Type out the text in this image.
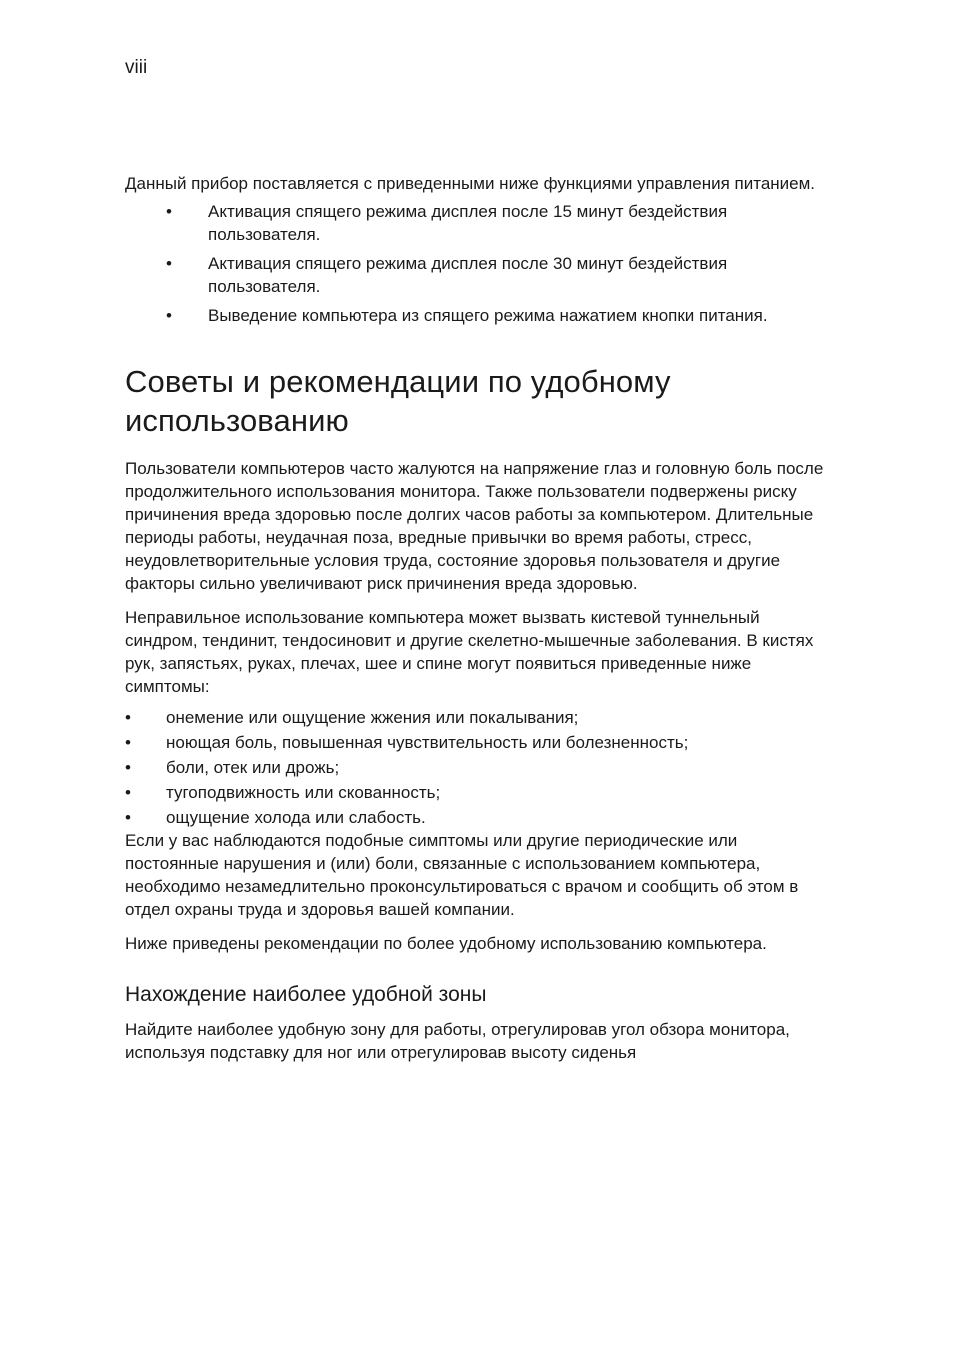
viii

Данный прибор поставляется с приведенными ниже функциями управления питанием.

• Активация спящего режима дисплея после 15 минут бездействия пользователя.
• Активация спящего режима дисплея после 30 минут бездействия пользователя.
• Выведение компьютера из спящего режима нажатием кнопки питания.
Советы и рекомендации по удобному использованию

Пользователи компьютеров часто жалуются на напряжение глаз и головную боль после продолжительного использования монитора. Также пользователи подвержены риску причинения вреда здоровью после долгих часов работы за компьютером. Длительные периоды работы, неудачная поза, вредные привычки во время работы, стресс, неудовлетворительные условия труда, состояние здоровья пользователя и другие факторы сильно увеличивают риск причинения вреда здоровью.

Неправильное использование компьютера может вызвать кистевой туннельный синдром, тендинит, тендосиновит и другие скелетно-мышечные заболевания. В кистях рук, запястьях, руках, плечах, шее и спине могут появиться приведенные ниже симптомы:

• онемение или ощущение жжения или покалывания;
• ноющая боль, повышенная чувствительность или болезненность;
• боли, отек или дрожь;
• тугоподвижность или скованность;
• ощущение холода или слабость.

Если у вас наблюдаются подобные симптомы или другие периодические или постоянные нарушения и (или) боли, связанные с использованием компьютера, необходимо незамедлительно проконсультироваться с врачом и сообщить об этом в отдел охраны труда и здоровья вашей компании.

Ниже приведены рекомендации по более удобному использованию компьютера.

Нахождение наиболее удобной зоны

Найдите наиболее удобную зону для работы, отрегулировав угол обзора монитора, используя подставку для ног или отрегулировав высоту сиденья
